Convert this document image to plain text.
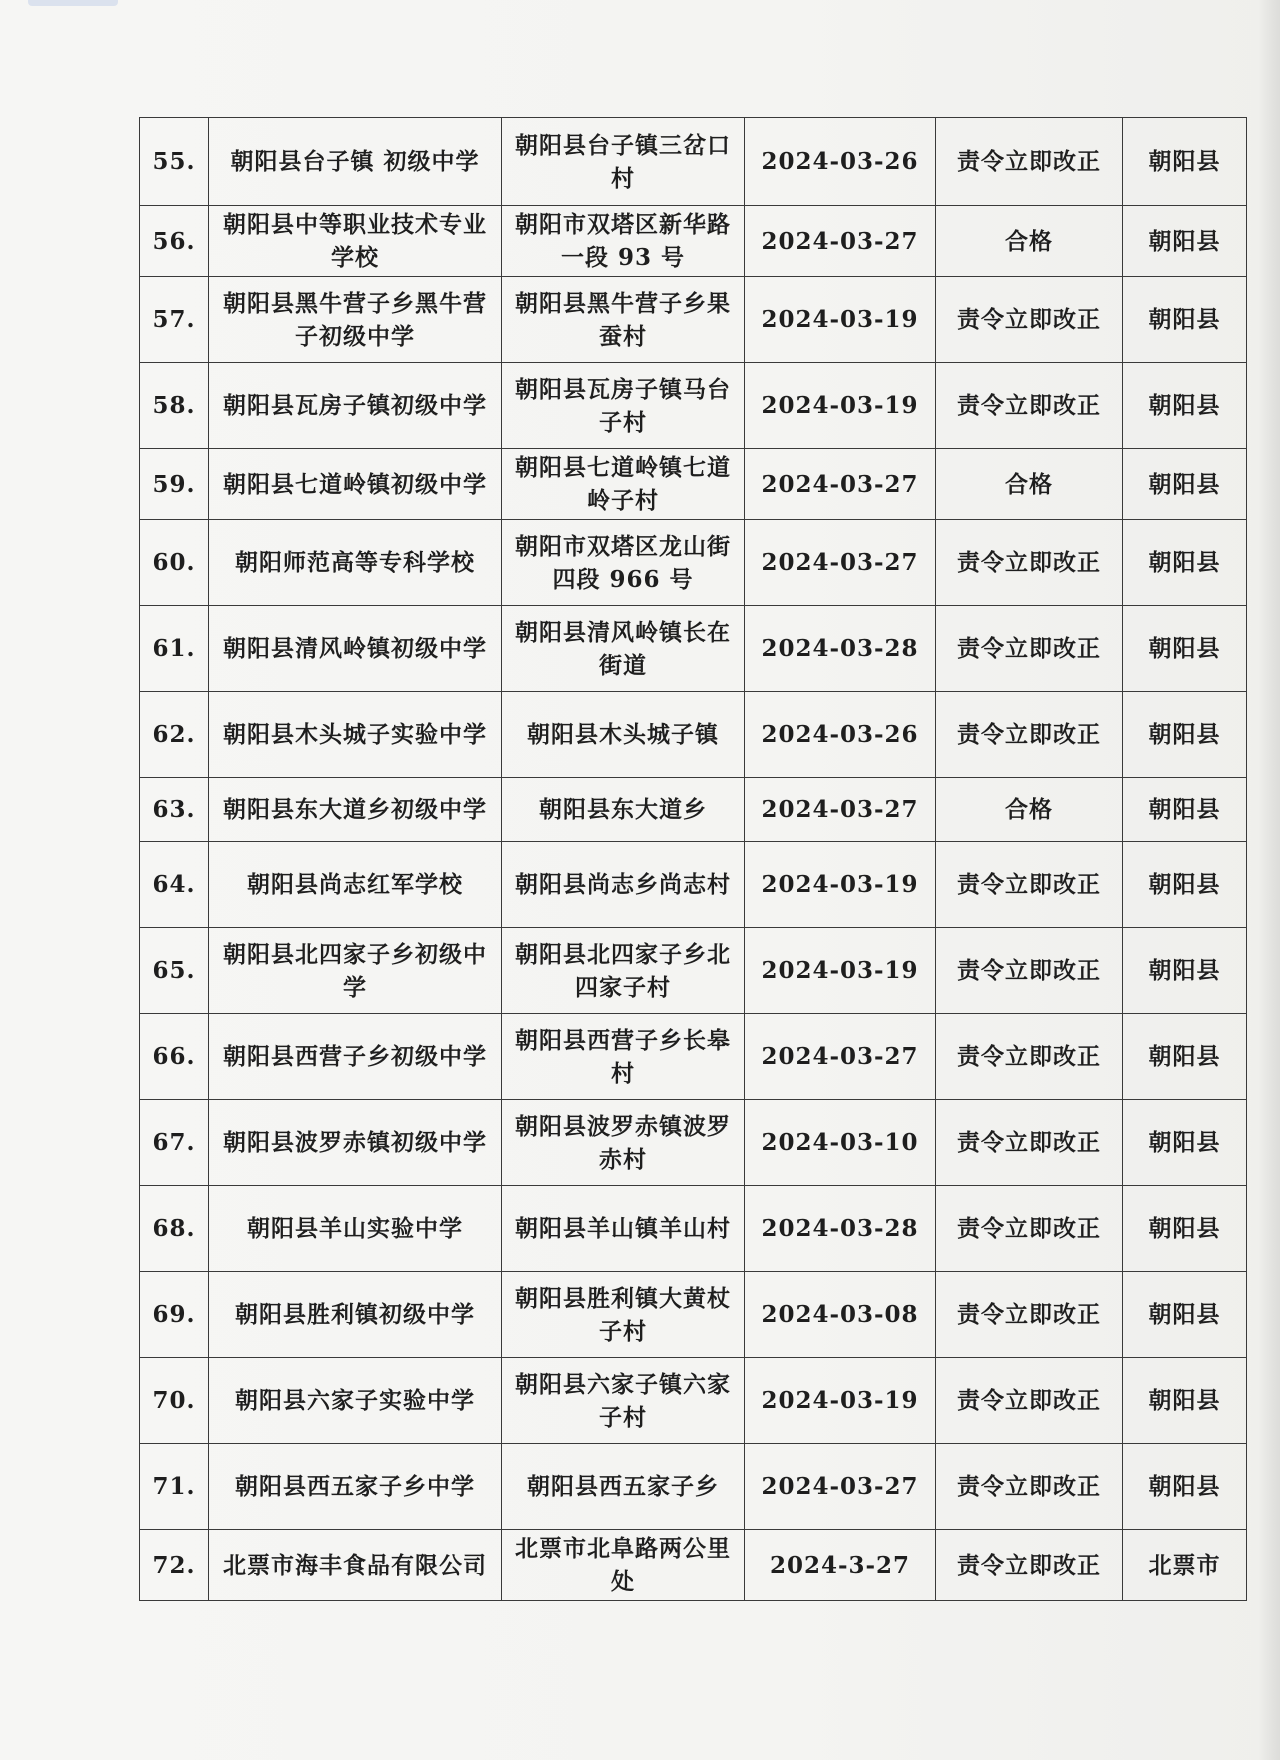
55.	朝阳县台子镇 初级中学	朝阳县台子镇三岔口村	2024-03-26	责令立即改正	朝阳县
56.	朝阳县中等职业技术专业学校	朝阳市双塔区新华路一段 93 号	2024-03-27	合格	朝阳县
57.	朝阳县黑牛营子乡黑牛营子初级中学	朝阳县黑牛营子乡果蚕村	2024-03-19	责令立即改正	朝阳县
58.	朝阳县瓦房子镇初级中学	朝阳县瓦房子镇马台子村	2024-03-19	责令立即改正	朝阳县
59.	朝阳县七道岭镇初级中学	朝阳县七道岭镇七道岭子村	2024-03-27	合格	朝阳县
60.	朝阳师范高等专科学校	朝阳市双塔区龙山街四段 966 号	2024-03-27	责令立即改正	朝阳县
61.	朝阳县清风岭镇初级中学	朝阳县清风岭镇长在街道	2024-03-28	责令立即改正	朝阳县
62.	朝阳县木头城子实验中学	朝阳县木头城子镇	2024-03-26	责令立即改正	朝阳县
63.	朝阳县东大道乡初级中学	朝阳县东大道乡	2024-03-27	合格	朝阳县
64.	朝阳县尚志红军学校	朝阳县尚志乡尚志村	2024-03-19	责令立即改正	朝阳县
65.	朝阳县北四家子乡初级中学	朝阳县北四家子乡北四家子村	2024-03-19	责令立即改正	朝阳县
66.	朝阳县西营子乡初级中学	朝阳县西营子乡长皋村	2024-03-27	责令立即改正	朝阳县
67.	朝阳县波罗赤镇初级中学	朝阳县波罗赤镇波罗赤村	2024-03-10	责令立即改正	朝阳县
68.	朝阳县羊山实验中学	朝阳县羊山镇羊山村	2024-03-28	责令立即改正	朝阳县
69.	朝阳县胜利镇初级中学	朝阳县胜利镇大黄杖子村	2024-03-08	责令立即改正	朝阳县
70.	朝阳县六家子实验中学	朝阳县六家子镇六家子村	2024-03-19	责令立即改正	朝阳县
71.	朝阳县西五家子乡中学	朝阳县西五家子乡	2024-03-27	责令立即改正	朝阳县
72.	北票市海丰食品有限公司	北票市北阜路两公里处	2024-3-27	责令立即改正	北票市
